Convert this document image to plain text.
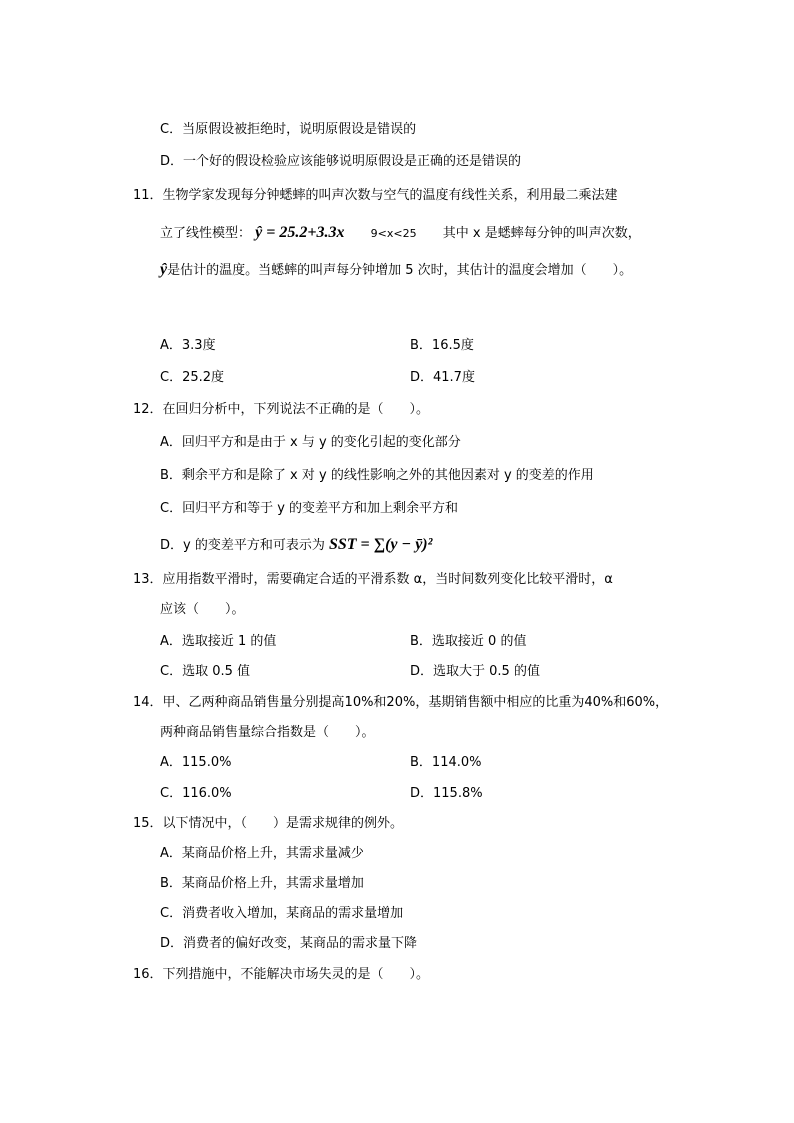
C．当原假设被拒绝时，说明原假设是错误的
D．一个好的假设检验应该能够说明原假设是正确的还是错误的
11．生物学家发现每分钟蟋蟀的叫声次数与空气的温度有线性关系，利用最二乘法建
立了线性模型： ŷ = 25.2+3.3x 9<x<25 其中 x 是蟋蟀每分钟的叫声次数，
ŷ是估计的温度。当蟋蟀的叫声每分钟增加 5 次时，其估计的温度会增加（　　）。
A．3.3度	B．16.5度
C．25.2度	D．41.7度
12．在回归分析中，下列说法不正确的是（　　）。
A．回归平方和是由于 x 与 y 的变化引起的变化部分
B．剩余平方和是除了 x 对 y 的线性影响之外的其他因素对 y 的变差的作用
C．回归平方和等于 y 的变差平方和加上剩余平方和
D．y 的变差平方和可表示为 SST = ∑(y − ȳ)²
13．应用指数平滑时，需要确定合适的平滑系数 α，当时间数列变化比较平滑时，α
应该（　　）。
A．选取接近 1 的值	B．选取接近 0 的值
C．选取 0.5 值	D．选取大于 0.5 的值
14．甲、乙两种商品销售量分别提高10%和20%，基期销售额中相应的比重为40%和60%，
两种商品销售量综合指数是（　　）。
A．115.0%	B．114.0%
C．116.0%	D．115.8%
15．以下情况中，（　　）是需求规律的例外。
A．某商品价格上升，其需求量减少
B．某商品价格上升，其需求量增加
C．消费者收入增加，某商品的需求量增加
D．消费者的偏好改变，某商品的需求量下降
16．下列措施中，不能解决市场失灵的是（　　）。
